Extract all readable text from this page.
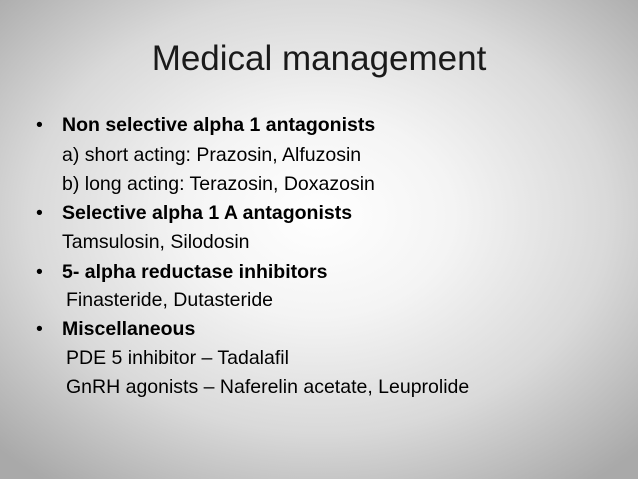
Medical management
• Non selective alpha 1 antagonists
a) short acting: Prazosin, Alfuzosin
b) long acting: Terazosin, Doxazosin
• Selective alpha 1 A antagonists
Tamsulosin, Silodosin
• 5- alpha reductase inhibitors
Finasteride, Dutasteride
• Miscellaneous
PDE 5 inhibitor – Tadalafil
GnRH agonists – Naferelin acetate, Leuprolide
